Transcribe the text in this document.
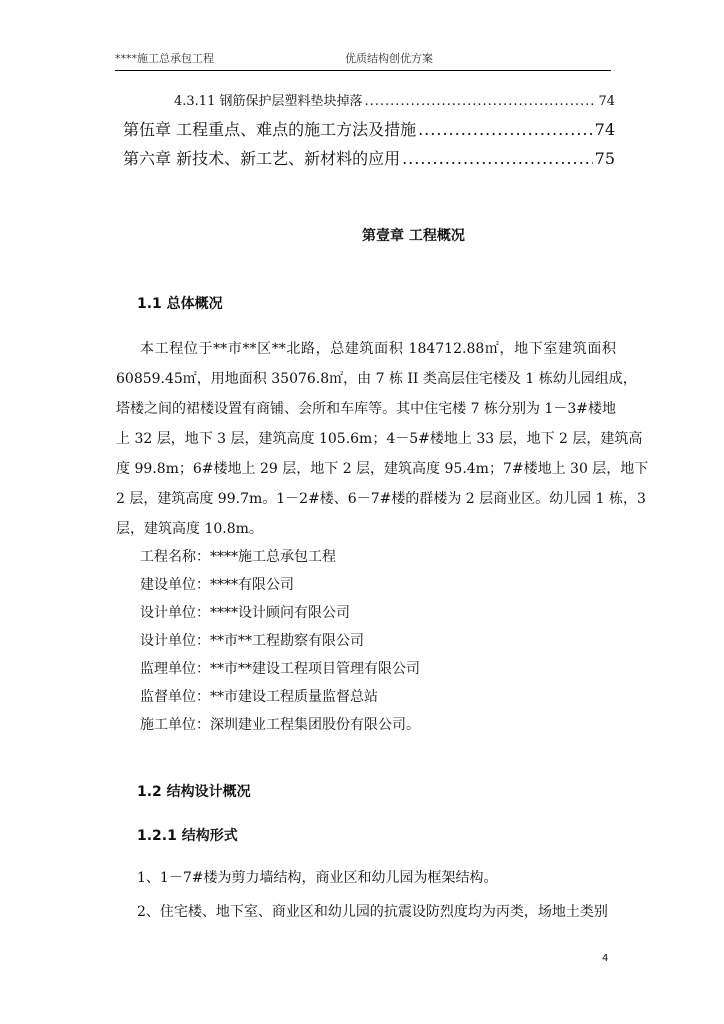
****施工总承包工程	优质结构创优方案
4.3.11 钢筋保护层塑料垫块掉落 .....	74
第伍章 工程重点、难点的施工方法及措施 .....	74
第六章 新技术、新工艺、新材料的应用 .....	75
第壹章 工程概况
1.1 总体概况
本工程位于**市**区**北路，总建筑面积 184712.88㎡，地下室建筑面积
60859.45㎡，用地面积 35076.8㎡，由 7 栋 II 类高层住宅楼及 1 栋幼儿园组成，
塔楼之间的裙楼设置有商铺、会所和车库等。其中住宅楼 7 栋分别为 1－3#楼地
上 32 层，地下 3 层，建筑高度 105.6m；4－5#楼地上 33 层，地下 2 层，建筑高
度 99.8m；6#楼地上 29 层，地下 2 层，建筑高度 95.4m；7#楼地上 30 层，地下
2 层，建筑高度 99.7m。1－2#楼、6－7#楼的群楼为 2 层商业区。幼儿园 1 栋，3
层，建筑高度 10.8m。
工程名称：****施工总承包工程
建设单位：****有限公司
设计单位：****设计顾问有限公司
设计单位：**市**工程勘察有限公司
监理单位：**市**建设工程项目管理有限公司
监督单位：**市建设工程质量监督总站
施工单位：深圳建业工程集团股份有限公司。
1.2 结构设计概况
1.2.1 结构形式
1、1－7#楼为剪力墙结构，商业区和幼儿园为框架结构。
2、住宅楼、地下室、商业区和幼儿园的抗震设防烈度均为丙类，场地土类别
4
